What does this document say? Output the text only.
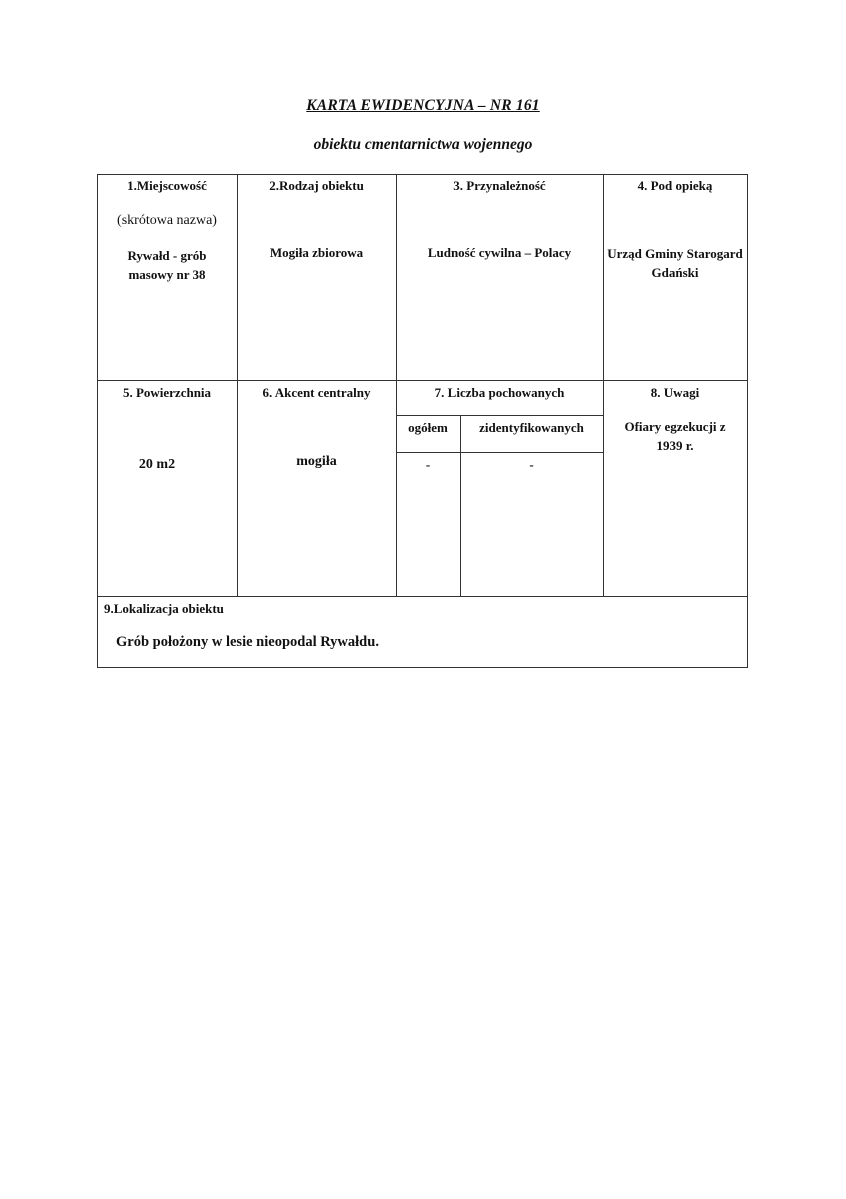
KARTA EWIDENCYJNA – NR 161
obiektu cmentarnictwa wojennego
1.Miejscowość
(skrótowa nazwa)
Rywałd - grób masowy nr 38
2.Rodzaj obiektu
Mogiła zbiorowa
3. Przynależność
Ludność cywilna – Polacy
4. Pod opieką
Urząd Gminy Starogard Gdański
5. Powierzchnia
20 m2
6. Akcent centralny
mogiła
7. Liczba pochowanych
ogółem	zidentyfikowanych
-	-
8. Uwagi
Ofiary egzekucji z 1939 r.
9.Lokalizacja obiektu
Grób położony w lesie nieopodal Rywałdu.
